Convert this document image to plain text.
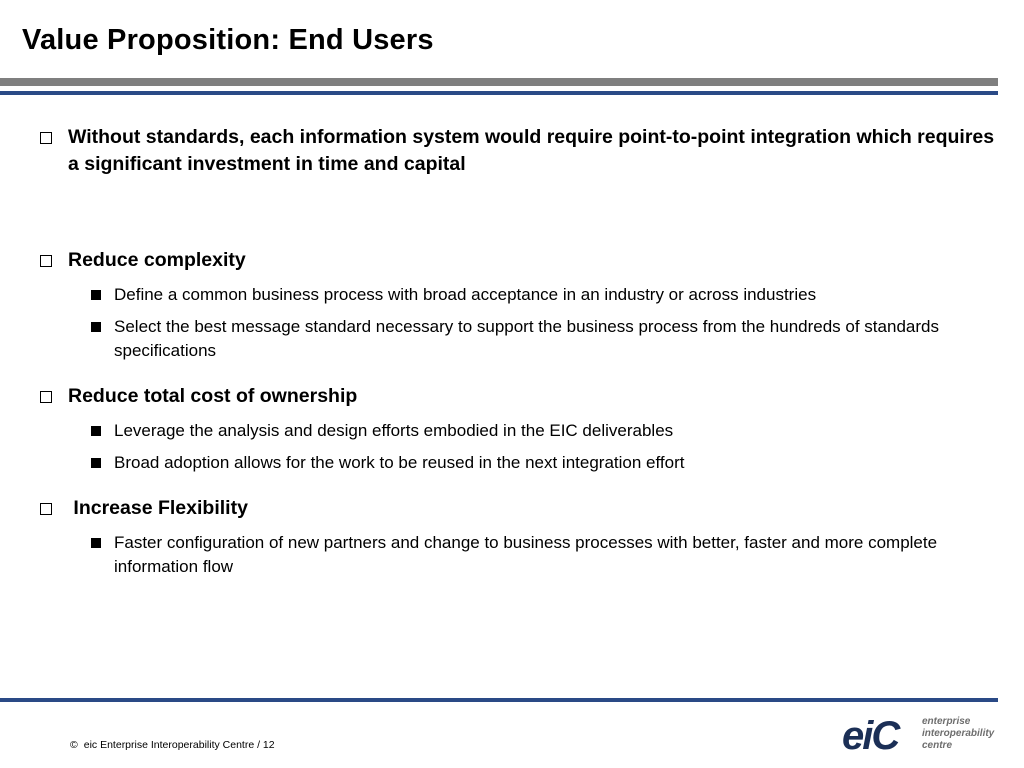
Value Proposition: End Users
Without standards, each information system would require point-to-point integration which requires a significant investment in time and capital
Reduce complexity
Define a common business process with broad acceptance in an industry or across industries
Select the best message standard necessary to support the business process from the hundreds of standards specifications
Reduce total cost of ownership
Leverage the analysis and design efforts embodied in the EIC deliverables
Broad adoption allows for the work to be reused in the next integration effort
Increase Flexibility
Faster configuration of new partners and change to business processes with better, faster and more complete information flow
© eic Enterprise Interoperability Centre / 12	eiC enterprise
interoperability
centre
